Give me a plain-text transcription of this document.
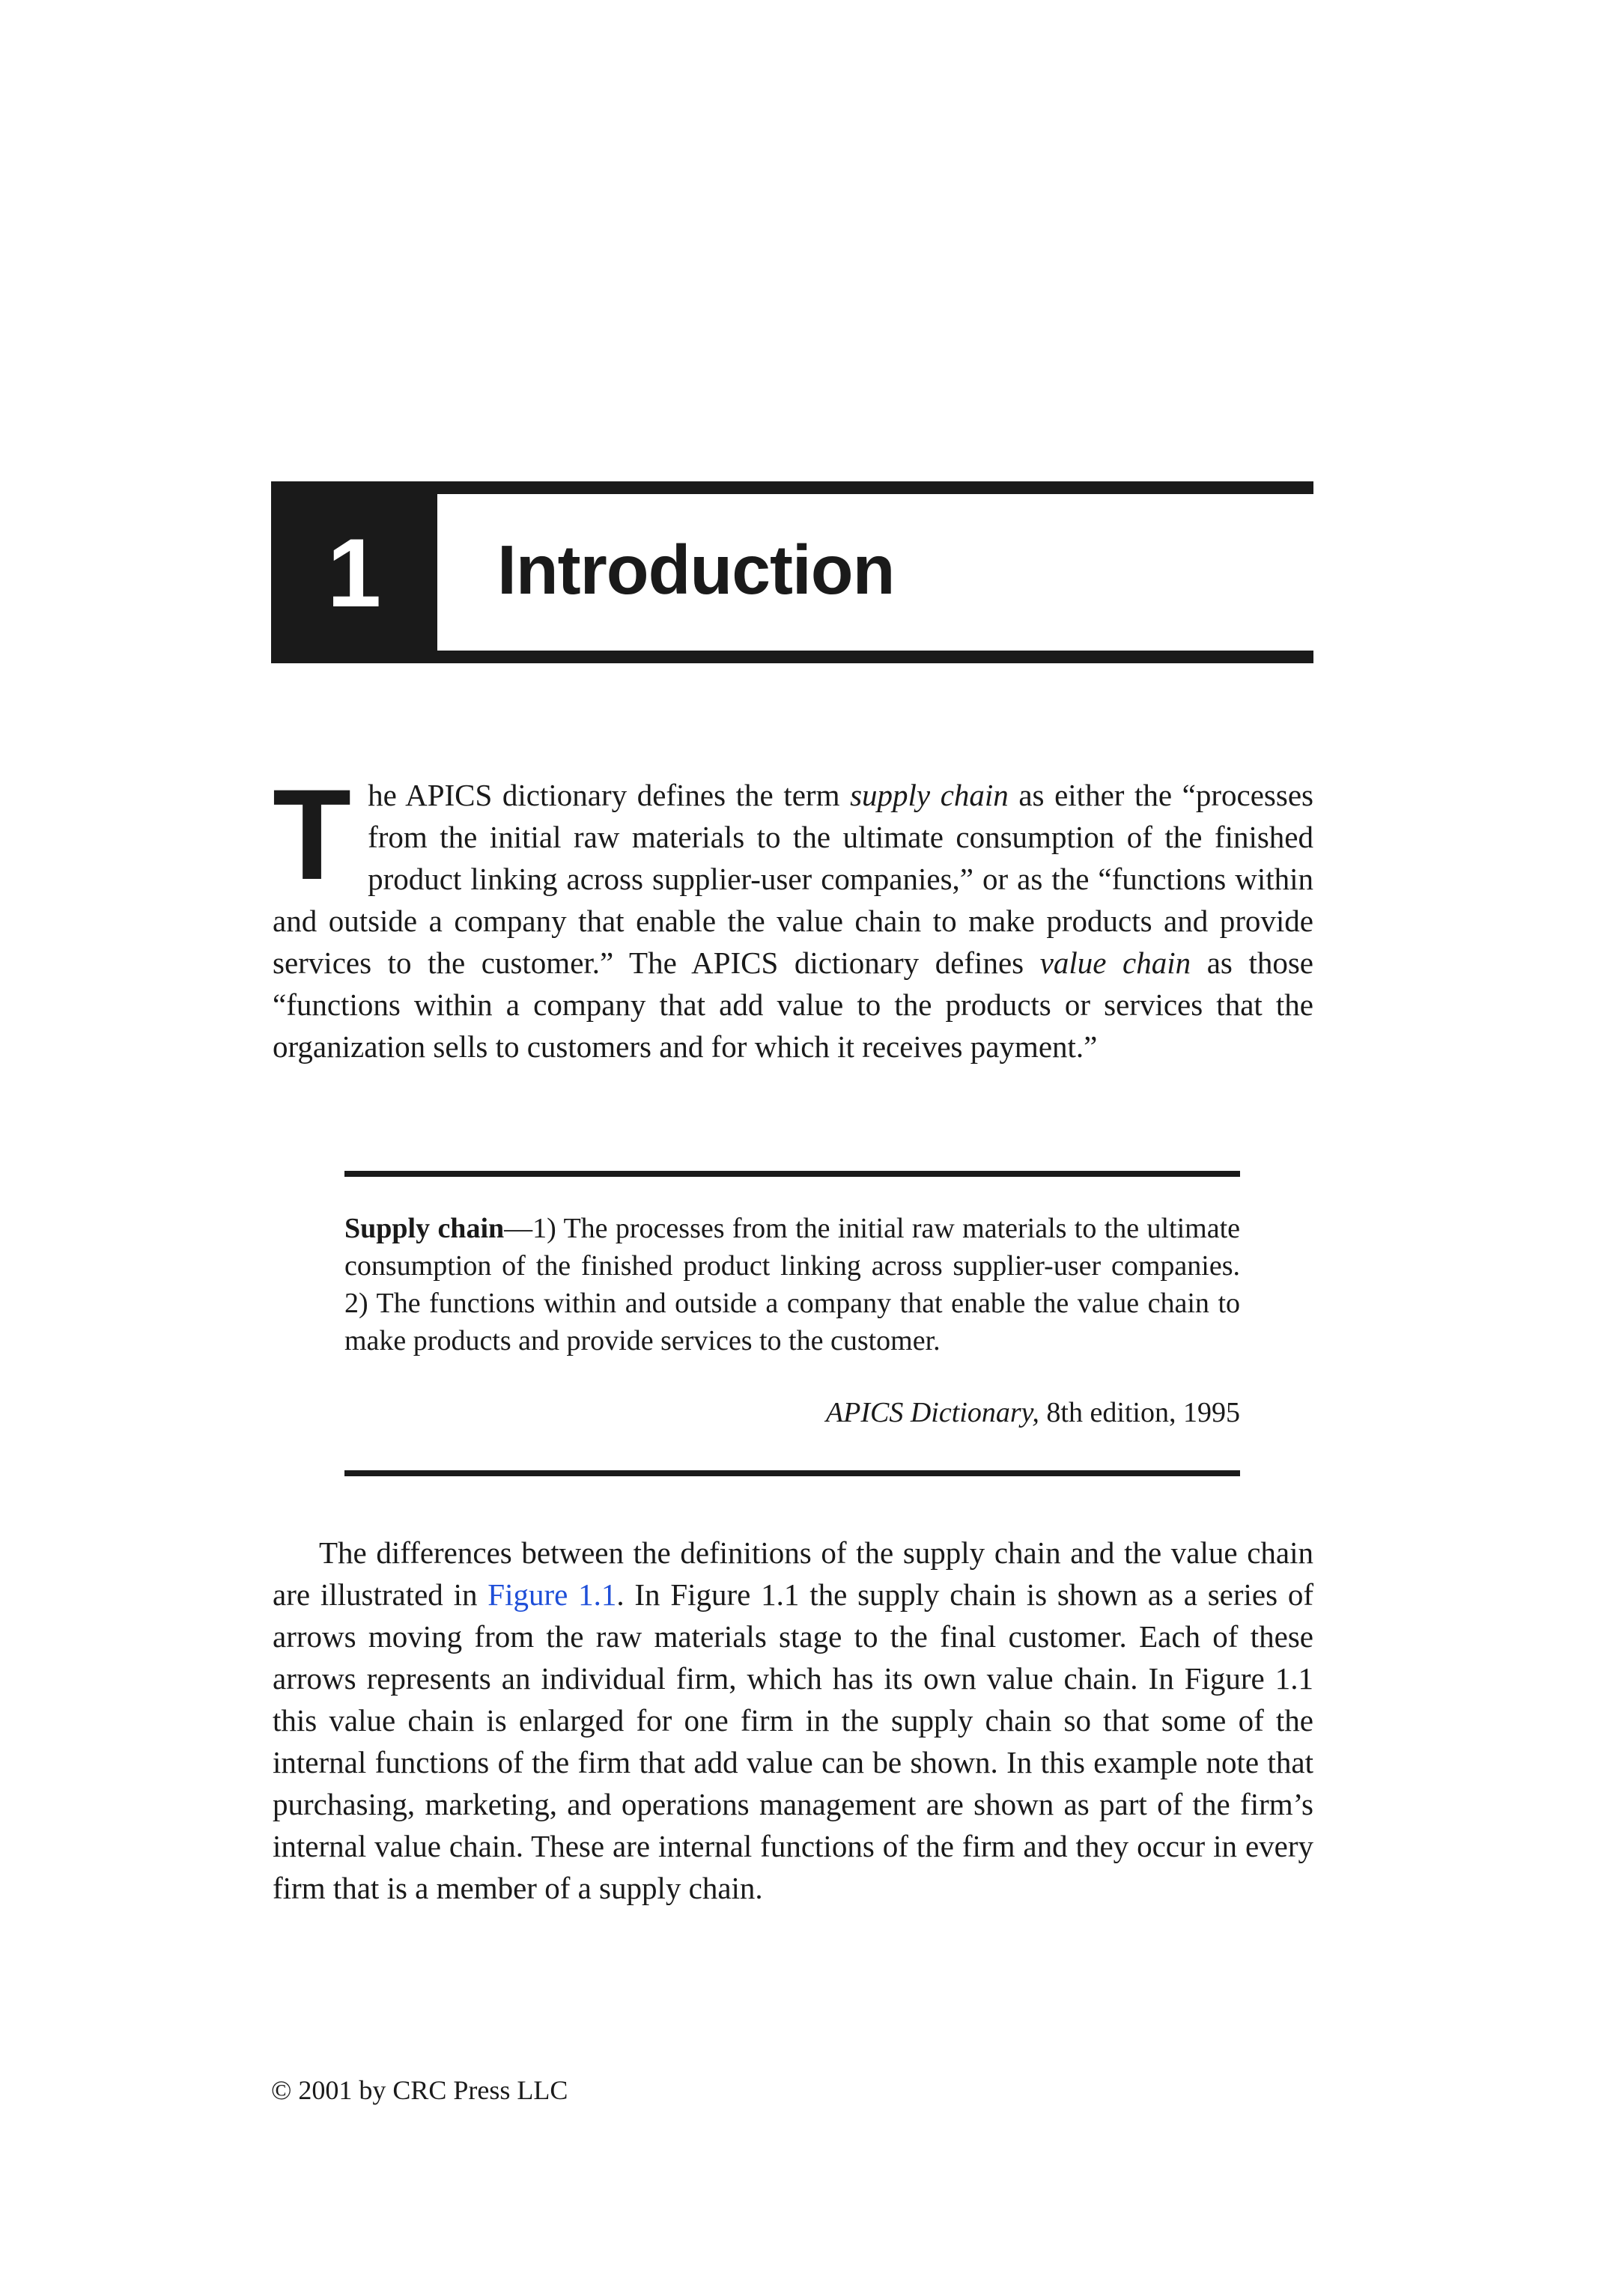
1	Introduction

The APICS dictionary defines the term supply chain as either the “processes from the initial raw materials to the ultimate consumption of the finished product linking across supplier-user companies,” or as the “functions within and outside a company that enable the value chain to make products and provide services to the customer.” The APICS dictionary defines value chain as those “functions within a company that add value to the products or services that the organization sells to customers and for which it receives payment.”

Supply chain—1) The processes from the initial raw materials to the ultimate consumption of the finished product linking across supplier-user companies. 2) The functions within and outside a company that enable the value chain to make products and provide services to the customer.

APICS Dictionary, 8th edition, 1995

The differences between the definitions of the supply chain and the value chain are illustrated in Figure 1.1. In Figure 1.1 the supply chain is shown as a series of arrows moving from the raw materials stage to the final customer. Each of these arrows represents an individual firm, which has its own value chain. In Figure 1.1 this value chain is enlarged for one firm in the supply chain so that some of the internal functions of the firm that add value can be shown. In this example note that purchasing, marketing, and operations management are shown as part of the firm’s internal value chain. These are internal functions of the firm and they occur in every firm that is a member of a supply chain.

© 2001 by CRC Press LLC
